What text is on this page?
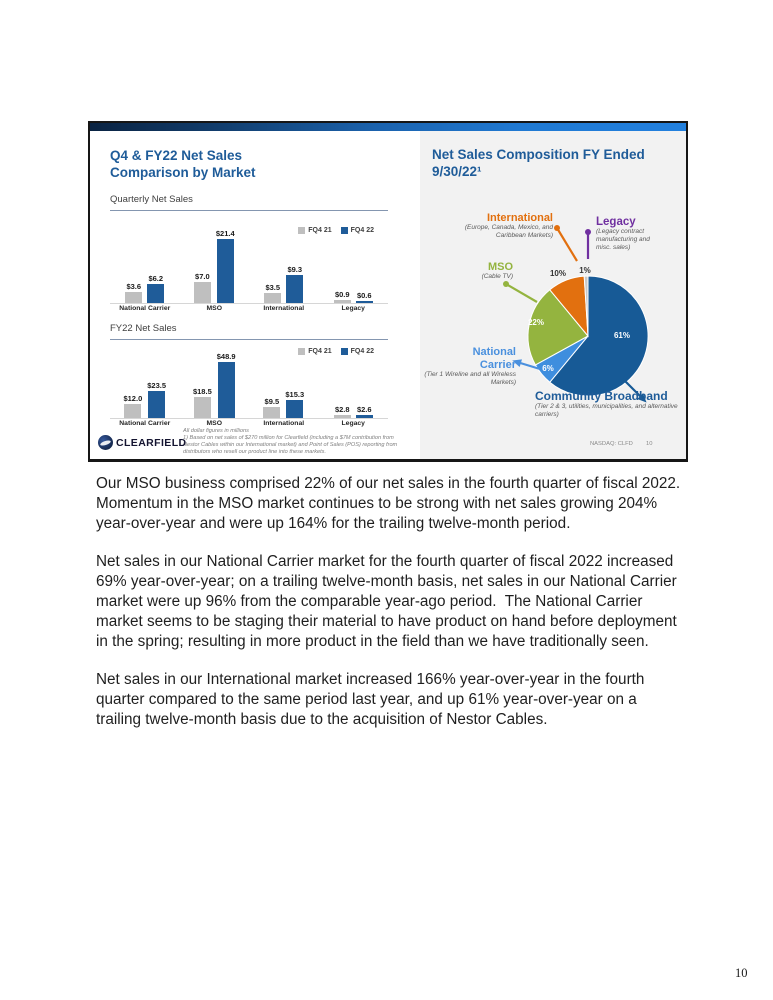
Q4 & FY22 Net Sales Comparison by Market
Quarterly Net Sales
FQ4 21	FQ4 22
$3.6
$6.2
National Carrier
$7.0
$21.4
MSO
$3.5
$9.3
International
$0.9 $0.6
Legacy
FY22 Net Sales
FQ4 21	FQ4 22
$12.0
$23.5
National Carrier
$18.5
$48.9
MSO
$9.5
$15.3
International
$2.8 $2.6
Legacy
All dollar figures in millions
1) Based on net sales of $270 million for Clearfield (including a $7M contribution from Nestor Cables within our International market) and Point of Sales (POS) reporting from distributors who resell our product line into these markets.
CLEARFIELD
Net Sales Composition FY Ended 9/30/22¹
61%
6%
22%
10% 1%
International
(Europe, Canada, Mexico, and Caribbean Markets)
Legacy
(Legacy contract manufacturing and misc. sales)
MSO
(Cable TV)
National Carrier
(Tier 1 Wireline and all Wireless Markets)
Community Broadband
(Tier 2 & 3, utilities, municipalities, and alternative carriers)
NASDAQ: CLFD 10

Our MSO business comprised 22% of our net sales in the fourth quarter of fiscal 2022.  Momentum in the MSO market continues to be strong with net sales growing 204% year-over-year and were up 164% for the trailing twelve-month period.

Net sales in our National Carrier market for the fourth quarter of fiscal 2022 increased 69% year-over-year; on a trailing twelve-month basis, net sales in our National Carrier market were up 96% from the comparable year-ago period.  The National Carrier market seems to be staging their material to have product on hand before deployment in the spring; resulting in more product in the field than we have traditionally seen.

Net sales in our International market increased 166% year-over-year in the fourth quarter compared to the same period last year, and up 61% year-over-year on a trailing twelve-month basis due to the acquisition of Nestor Cables.

10
